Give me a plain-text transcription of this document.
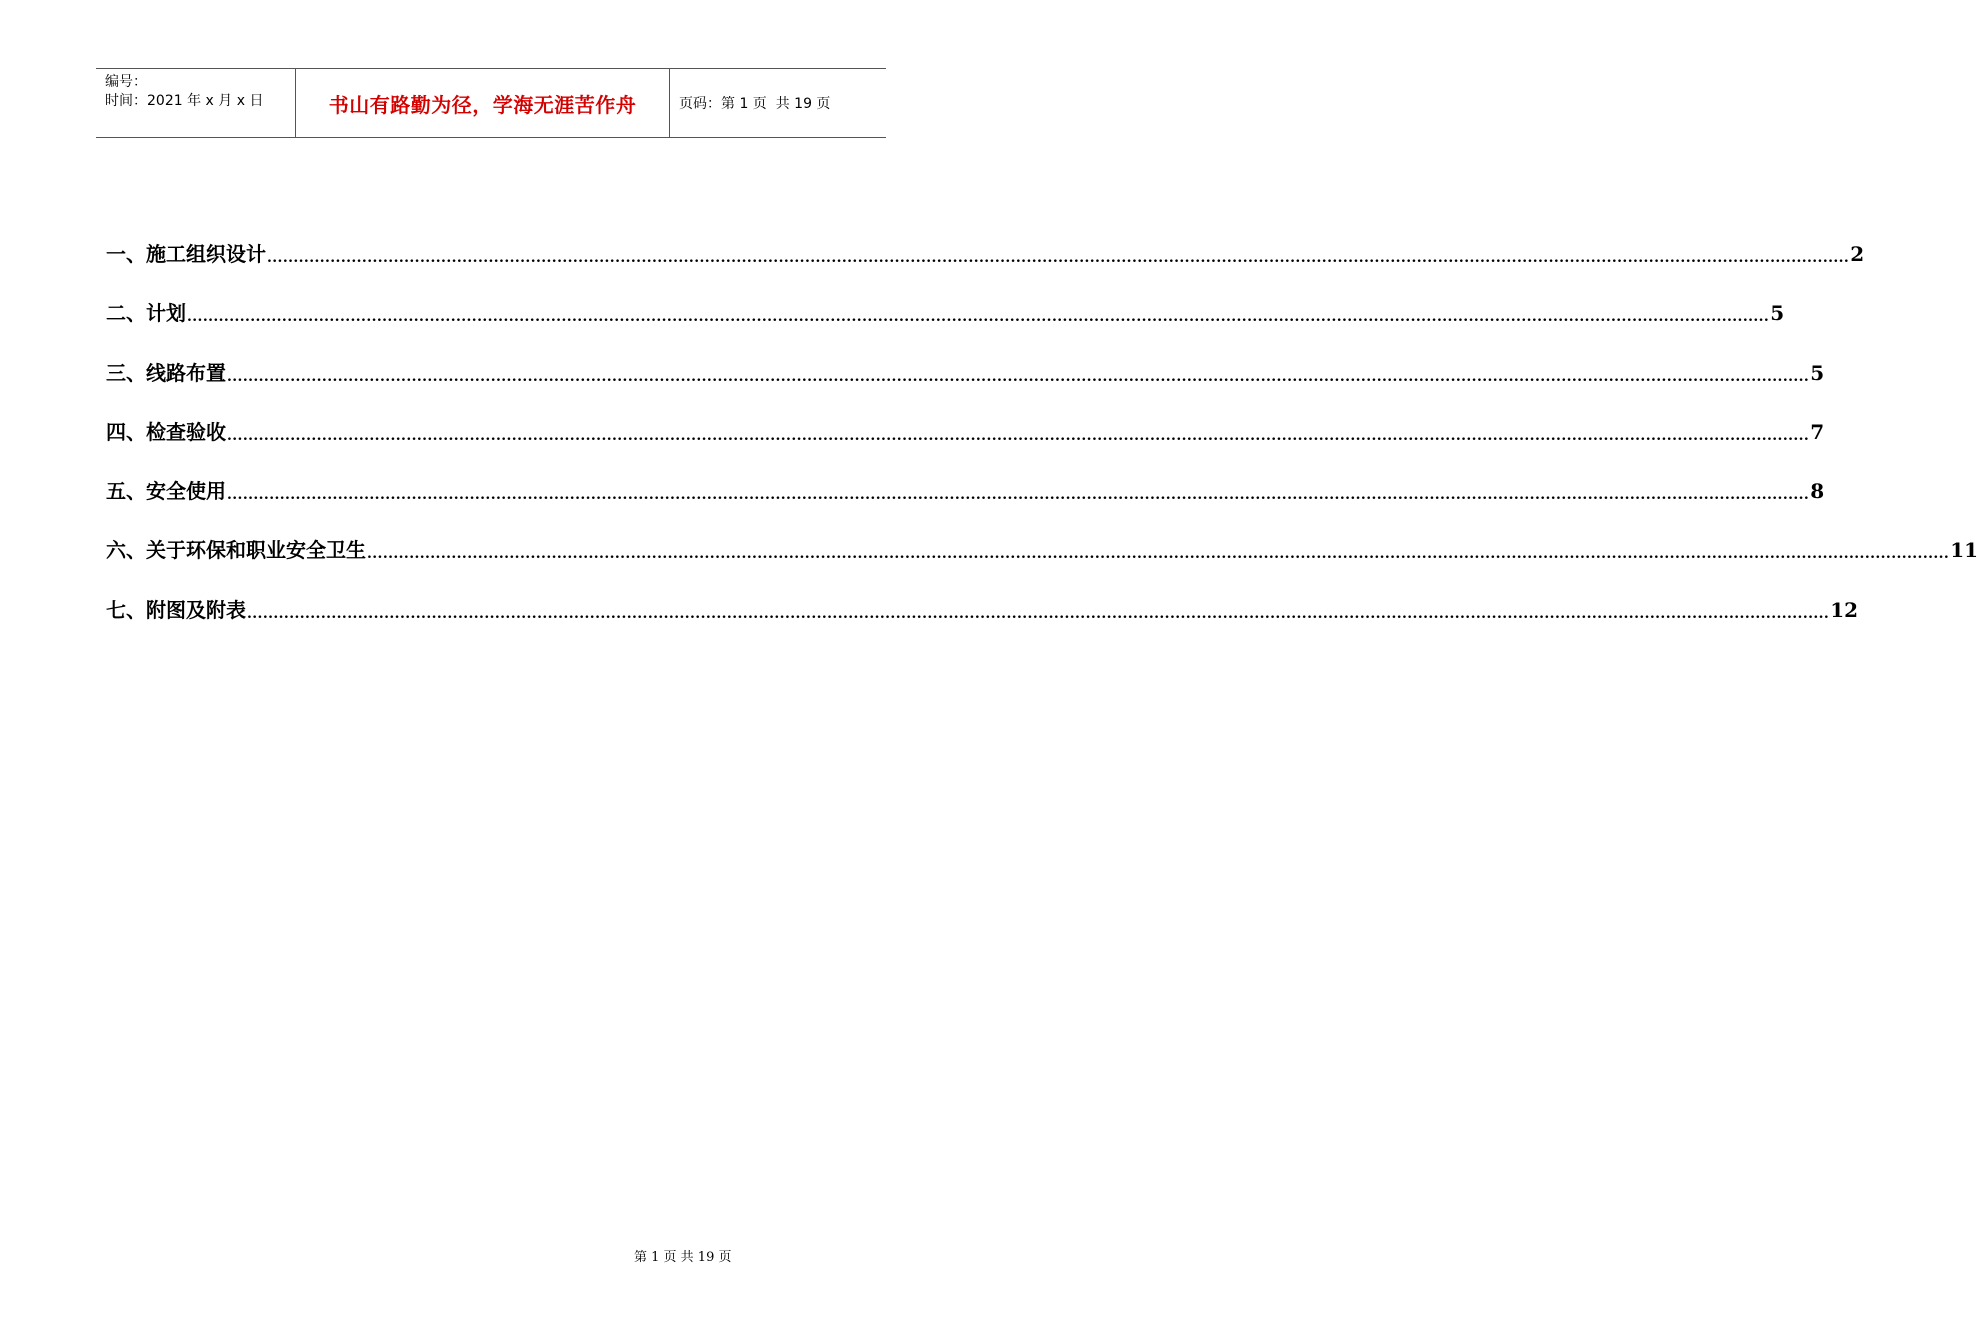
编号：
时间：2021 年 x 月 x 日	书山有路勤为径，学海无涯苦作舟	页码：第 1 页  共 19 页
一、施工组织设计 ............................................................................................................................................................................................................................................................................................................ 2
二、计划 ............................................................................................................................................................................................................................................................................................................ 5
三、线路布置 ............................................................................................................................................................................................................................................................................................................ 5
四、检查验收 ............................................................................................................................................................................................................................................................................................................ 7
五、安全使用 ............................................................................................................................................................................................................................................................................................................ 8
六、关于环保和职业安全卫生 ............................................................................................................................................................................................................................................................................................................ 11
七、附图及附表 ............................................................................................................................................................................................................................................................................................................ 12
第 1 页 共 19 页
